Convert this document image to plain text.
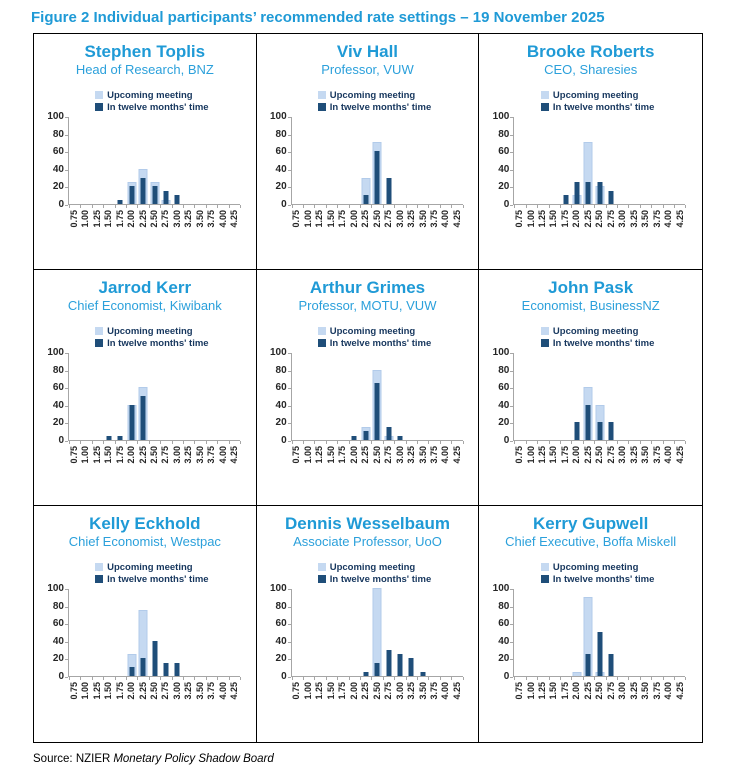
Figure 2 Individual participants’ recommended rate settings – 19 November 2025
Stephen Toplis
Head of Research, BNZ
Upcoming meeting
In twelve months' time
0
20
40
60
80
100
0.75 1.00 1.25 1.50 1.75 2.00 2.25 2.50 2.75 3.00 3.25 3.50 3.75 4.00 4.25
Viv Hall
Professor, VUW
Upcoming meeting
In twelve months' time
0
20
40
60
80
100
0.75 1.00 1.25 1.50 1.75 2.00 2.25 2.50 2.75 3.00 3.25 3.50 3.75 4.00 4.25
Brooke Roberts
CEO, Sharesies
Upcoming meeting
In twelve months' time
0
20
40
60
80
100
0.75 1.00 1.25 1.50 1.75 2.00 2.25 2.50 2.75 3.00 3.25 3.50 3.75 4.00 4.25
Jarrod Kerr
Chief Economist, Kiwibank
Upcoming meeting
In twelve months' time
0
20
40
60
80
100
0.75 1.00 1.25 1.50 1.75 2.00 2.25 2.50 2.75 3.00 3.25 3.50 3.75 4.00 4.25
Arthur Grimes
Professor, MOTU, VUW
Upcoming meeting
In twelve months' time
0
20
40
60
80
100
0.75 1.00 1.25 1.50 1.75 2.00 2.25 2.50 2.75 3.00 3.25 3.50 3.75 4.00 4.25
John Pask
Economist, BusinessNZ
Upcoming meeting
In twelve months' time
0
20
40
60
80
100
0.75 1.00 1.25 1.50 1.75 2.00 2.25 2.50 2.75 3.00 3.25 3.50 3.75 4.00 4.25
Kelly Eckhold
Chief Economist, Westpac
Upcoming meeting
In twelve months' time
0
20
40
60
80
100
0.75 1.00 1.25 1.50 1.75 2.00 2.25 2.50 2.75 3.00 3.25 3.50 3.75 4.00 4.25
Dennis Wesselbaum
Associate Professor, UoO
Upcoming meeting
In twelve months' time
0
20
40
60
80
100
0.75 1.00 1.25 1.50 1.75 2.00 2.25 2.50 2.75 3.00 3.25 3.50 3.75 4.00 4.25
Kerry Gupwell
Chief Executive, Boffa Miskell
Upcoming meeting
In twelve months' time
0
20
40
60
80
100
0.75 1.00 1.25 1.50 1.75 2.00 2.25 2.50 2.75 3.00 3.25 3.50 3.75 4.00 4.25
Source: NZIER Monetary Policy Shadow Board
